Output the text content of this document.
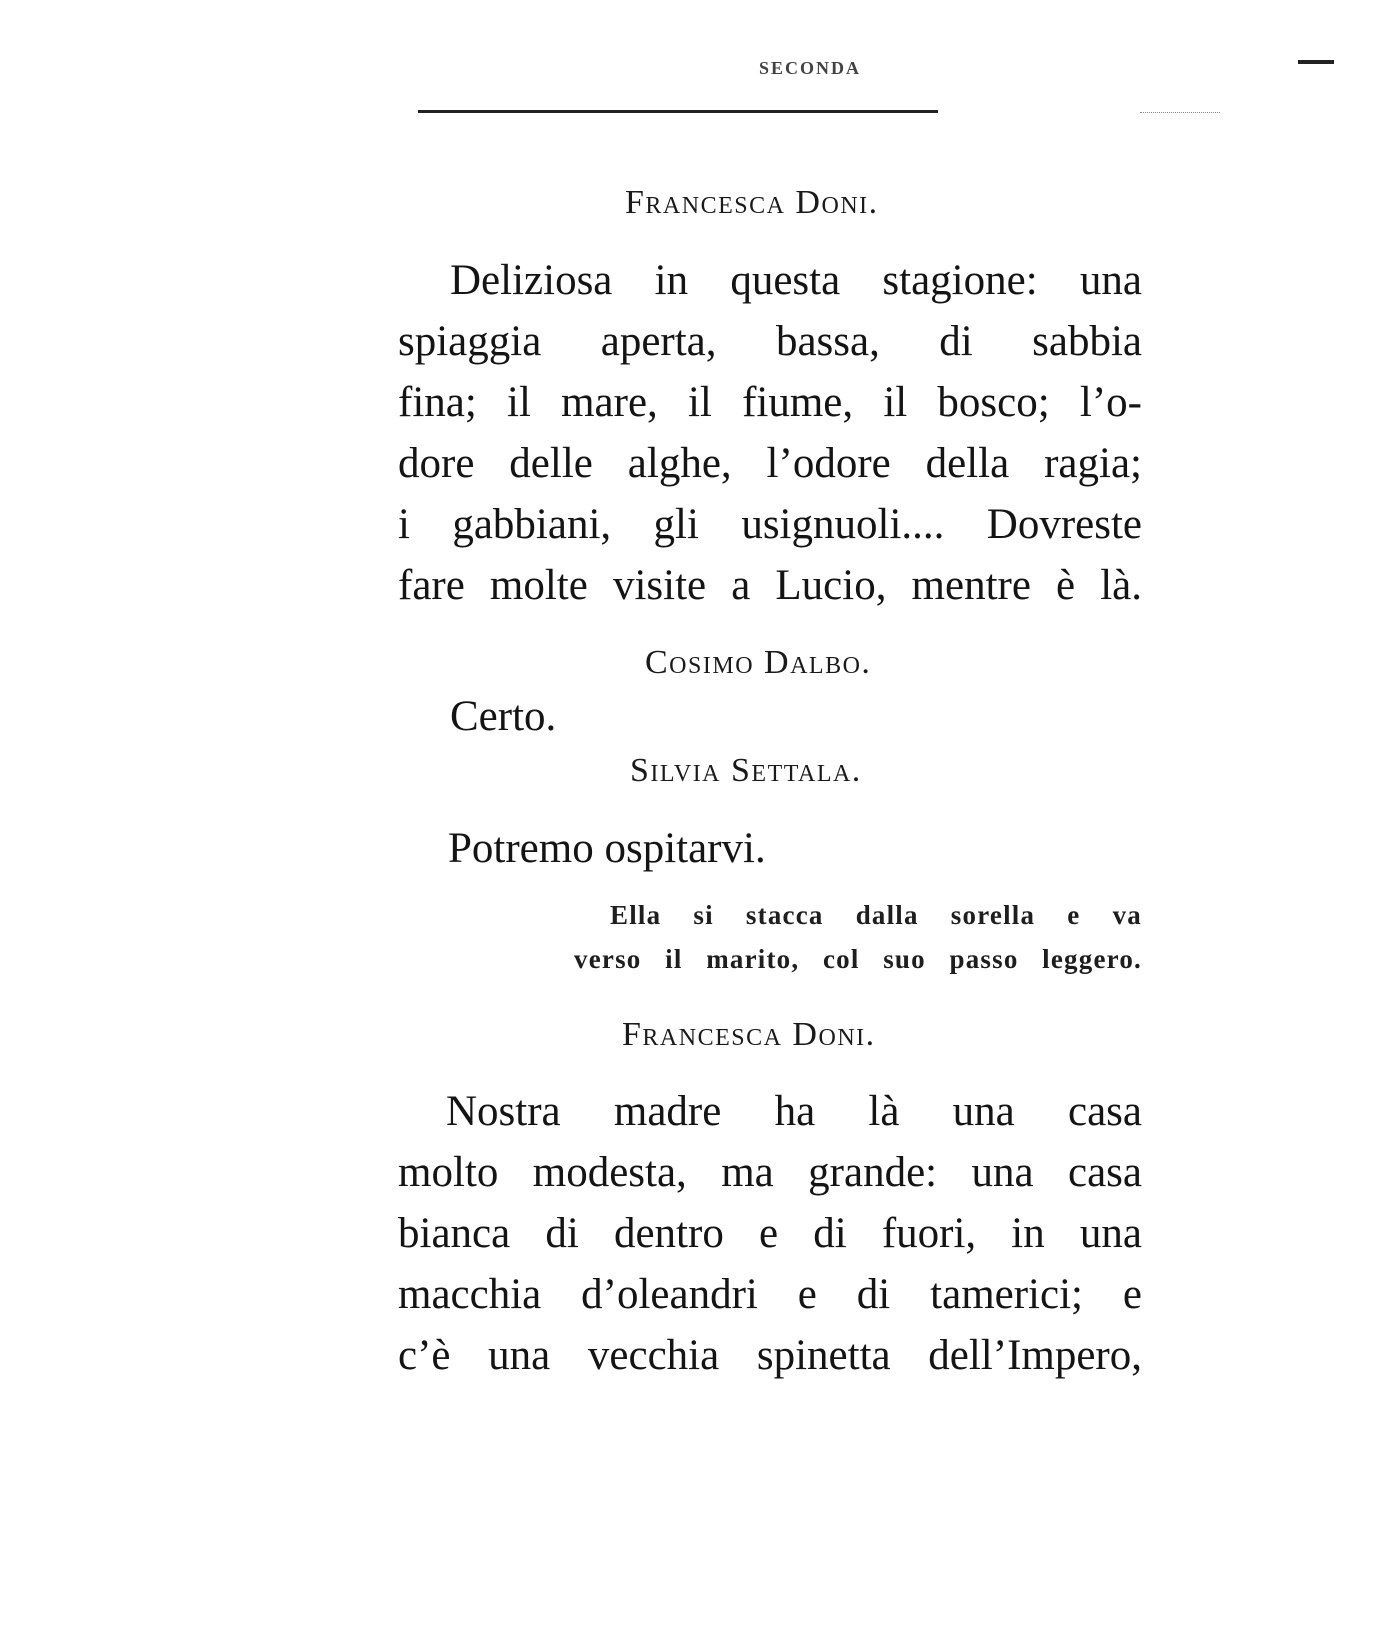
SECONDA
Francesca Doni.
Deliziosa in questa stagione: una
spiaggia aperta, bassa, di sabbia
fina; il mare, il fiume, il bosco; l’o-
dore delle alghe, l’odore della ragia;
i gabbiani, gli usignuoli.... Dovreste
fare molte visite a Lucio, mentre è là.
Cosimo Dalbo.
Certo.
Silvia Settala.
Potremo ospitarvi.
Ella si stacca dalla sorella e va
verso il marito, col suo passo leggero.
Francesca Doni.
Nostra madre ha là una casa
molto modesta, ma grande: una casa
bianca di dentro e di fuori, in una
macchia d’oleandri e di tamerici; e
c’è una vecchia spinetta dell’Impero,
